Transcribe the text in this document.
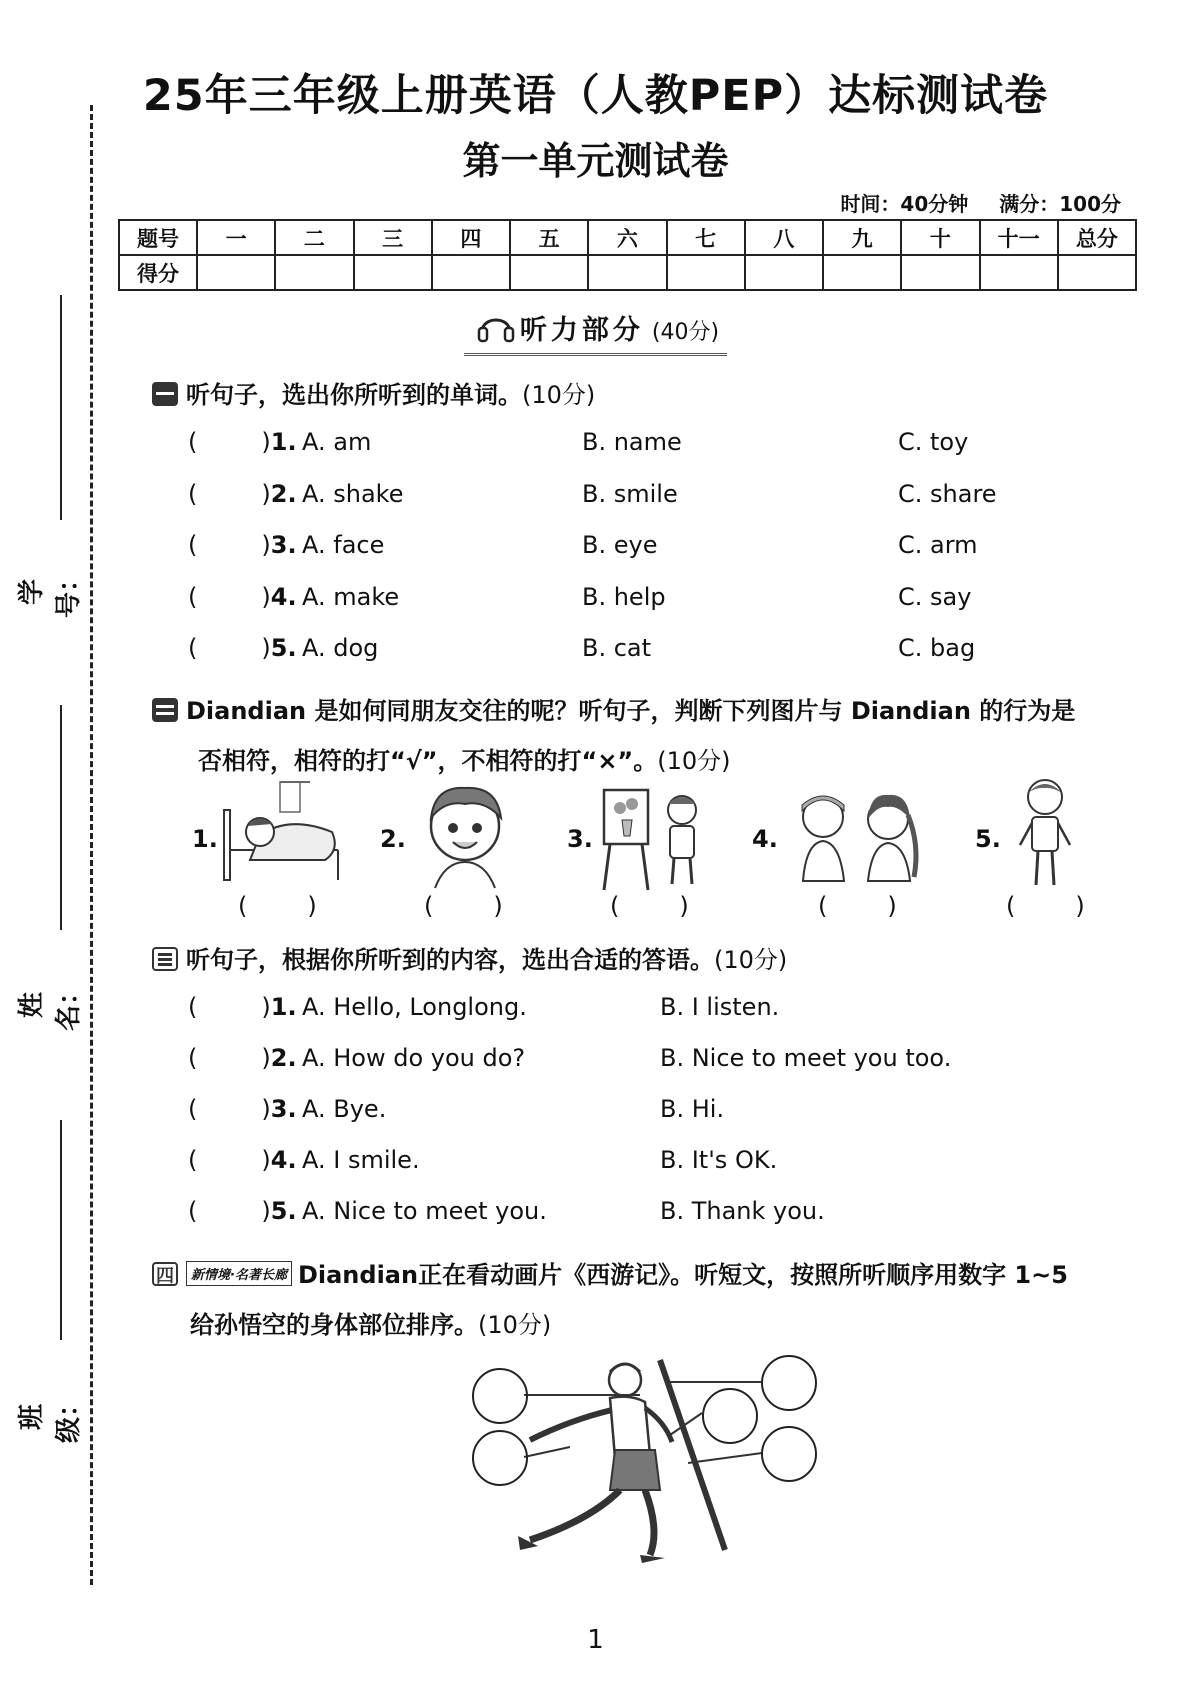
25年三年级上册英语（人教PEP）达标测试卷
第一单元测试卷
时间：40分钟 满分：100分
题号	一	二	三	四	五	六	七	八	九	十	十一	总分
得分												
学号：
姓名：
班级：
听力部分 (40分)
听句子，选出你所听到的单词。(10分)
(	)1. A. am	B. name	C. toy
(	)2. A. shake	B. smile	C. share
(	)3. A. face	B. eye	C. arm
(	)4. A. make	B. help	C. say
(	)5. A. dog	B. cat	C. bag
Diandian 是如何同朋友交往的呢？听句子，判断下列图片与 Diandian 的行为是
否相符，相符的打“√”，不相符的打“×”。(10分)
1.	2.	3.	4.	5.
(	)	(	)	(	)	(	)	(	)
听句子，根据你所听到的内容，选出合适的答语。(10分)
(	)1. A. Hello, Longlong.	B. I listen.
(	)2. A. How do you do?	B. Nice to meet you too.
(	)3. A. Bye.	B. Hi.
(	)4. A. I smile.	B. It's OK.
(	)5. A. Nice to meet you.	B. Thank you.
四 新情境·名著长廊 Diandian正在看动画片《西游记》。听短文，按照所听顺序用数字 1~5
给孙悟空的身体部位排序。(10分)
1
